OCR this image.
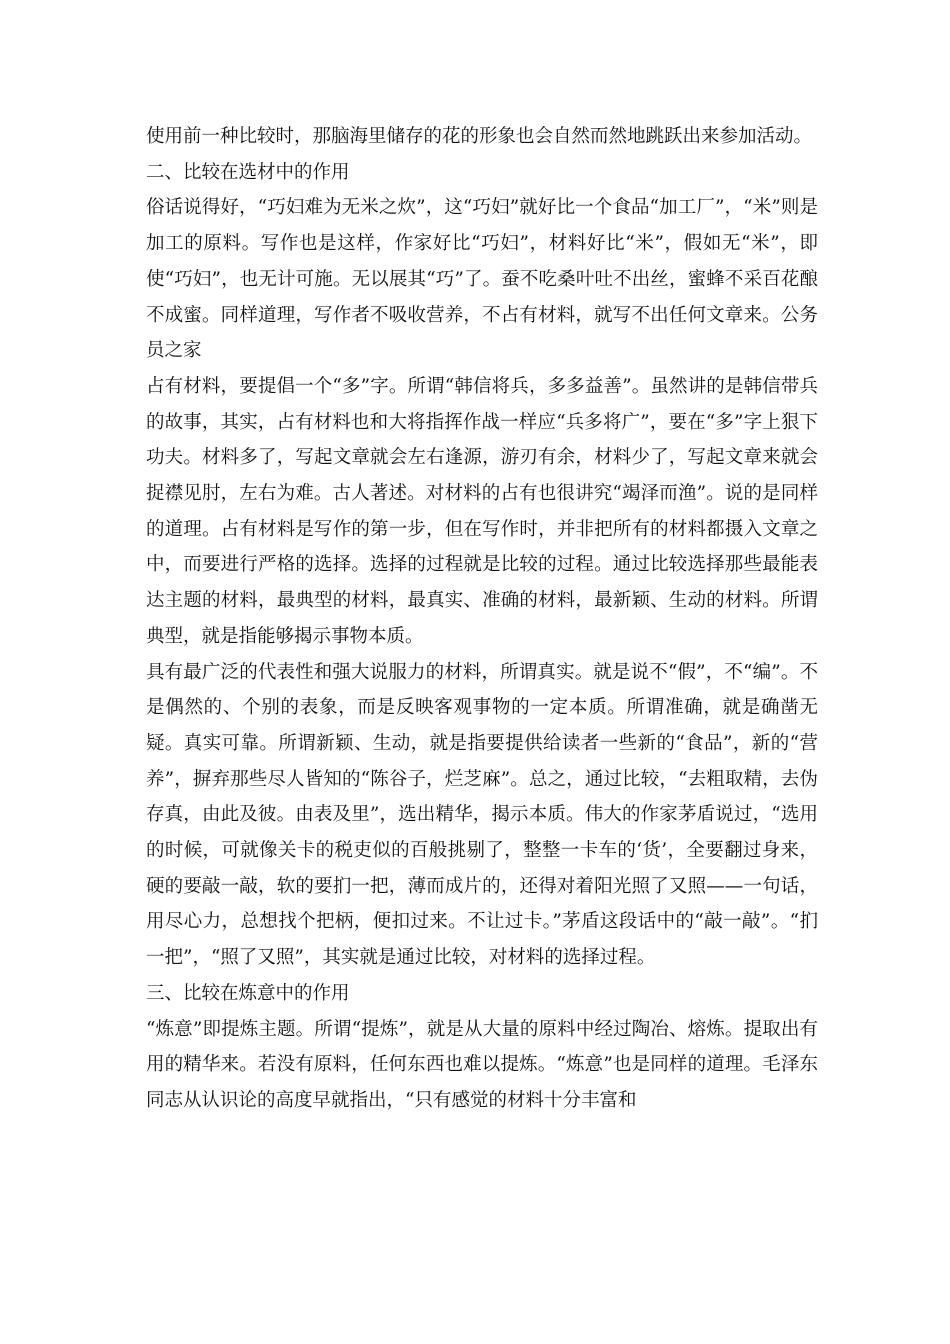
使用前一种比较时，那脑海里储存的花的形象也会自然而然地跳跃出来参加活动。

二、比较在选材中的作用

俗话说得好，“巧妇难为无米之炊”，这“巧妇”就好比一个食品“加工厂”，“米”则是加工的原料。写作也是这样，作家好比“巧妇”，材料好比“米”，假如无“米”，即使“巧妇”，也无计可施。无以展其“巧”了。蚕不吃桑叶吐不出丝，蜜蜂不采百花酿不成蜜。同样道理，写作者不吸收营养，不占有材料，就写不出任何文章来。公务员之家

占有材料，要提倡一个“多”字。所谓“韩信将兵，多多益善”。虽然讲的是韩信带兵的故事，其实，占有材料也和大将指挥作战一样应“兵多将广”，要在“多”字上狠下功夫。材料多了，写起文章就会左右逢源，游刃有余，材料少了，写起文章来就会捉襟见肘，左右为难。古人著述。对材料的占有也很讲究“竭泽而渔”。说的是同样的道理。占有材料是写作的第一步，但在写作时，并非把所有的材料都摄入文章之中，而要进行严格的选择。选择的过程就是比较的过程。通过比较选择那些最能表达主题的材料，最典型的材料，最真实、准确的材料，最新颖、生动的材料。所谓典型，就是指能够揭示事物本质。

具有最广泛的代表性和强大说服力的材料，所谓真实。就是说不“假”，不“编”。不是偶然的、个别的表象，而是反映客观事物的一定本质。所谓准确，就是确凿无疑。真实可靠。所谓新颖、生动，就是指要提供给读者一些新的“食品”，新的“营养”，摒弃那些尽人皆知的“陈谷子，烂芝麻”。总之，通过比较，“去粗取精，去伪存真，由此及彼。由表及里”，选出精华，揭示本质。伟大的作家茅盾说过，“选用的时候，可就像关卡的税吏似的百般挑剔了，整整一卡车的‘货’，全要翻过身来，硬的要敲一敲，软的要扪一把，薄而成片的，还得对着阳光照了又照——一句话，用尽心力，总想找个把柄，便扣过来。不让过卡。”茅盾这段话中的“敲一敲”。“扪一把”，“照了又照”，其实就是通过比较，对材料的选择过程。

三、比较在炼意中的作用

“炼意”即提炼主题。所谓“提炼”，就是从大量的原料中经过陶冶、熔炼。提取出有用的精华来。若没有原料，任何东西也难以提炼。“炼意”也是同样的道理。毛泽东同志从认识论的高度早就指出，“只有感觉的材料十分丰富和
